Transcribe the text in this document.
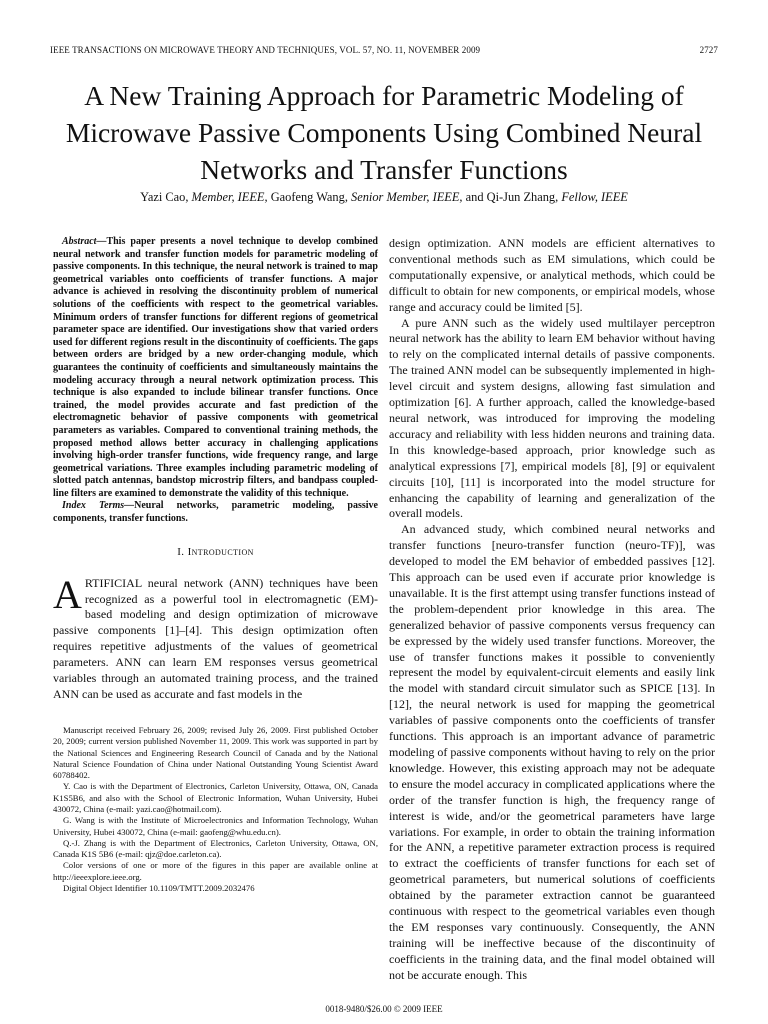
IEEE TRANSACTIONS ON MICROWAVE THEORY AND TECHNIQUES, VOL. 57, NO. 11, NOVEMBER 2009	2727
A New Training Approach for Parametric Modeling of Microwave Passive Components Using Combined Neural Networks and Transfer Functions
Yazi Cao, Member, IEEE, Gaofeng Wang, Senior Member, IEEE, and Qi-Jun Zhang, Fellow, IEEE

Abstract—This paper presents a novel technique to develop combined neural network and transfer function models for parametric modeling of passive components. In this technique, the neural network is trained to map geometrical variables onto coefficients of transfer functions. A major advance is achieved in resolving the discontinuity problem of numerical solutions of the coefficients with respect to the geometrical variables. Minimum orders of transfer functions for different regions of geometrical parameter space are identified. Our investigations show that varied orders used for different regions result in the discontinuity of coefficients. The gaps between orders are bridged by a new order-changing module, which guarantees the continuity of coefficients and simultaneously maintains the modeling accuracy through a neural network optimization process. This technique is also expanded to include bilinear transfer functions. Once trained, the model provides accurate and fast prediction of the electromagnetic behavior of passive components with geometrical parameters as variables. Compared to conventional training methods, the proposed method allows better accuracy in challenging applications involving high-order transfer functions, wide frequency range, and large geometrical variations. Three examples including parametric modeling of slotted patch antennas, bandstop microstrip filters, and bandpass coupled-line filters are examined to demonstrate the validity of this technique.

Index Terms—Neural networks, parametric modeling, passive components, transfer functions.

I. Introduction

ARTIFICIAL neural network (ANN) techniques have been recognized as a powerful tool in electromagnetic (EM)-based modeling and design optimization of microwave passive components [1]–[4]. This design optimization often requires repetitive adjustments of the values of geometrical parameters. ANN can learn EM responses versus geometrical variables through an automated training process, and the trained ANN can be used as accurate and fast models in the

Manuscript received February 26, 2009; revised July 26, 2009. First published October 20, 2009; current version published November 11, 2009. This work was supported in part by the National Sciences and Engineering Research Council of Canada and by the National Natural Science Foundation of China under National Outstanding Young Scientist Award 60788402.

Y. Cao is with the Department of Electronics, Carleton University, Ottawa, ON, Canada K1S5B6, and also with the School of Electronic Information, Wuhan University, Hubei 430072, China (e-mail: yazi.cao@hotmail.com).

G. Wang is with the Institute of Microelectronics and Information Technology, Wuhan University, Hubei 430072, China (e-mail: gaofeng@whu.edu.cn).

Q.-J. Zhang is with the Department of Electronics, Carleton University, Ottawa, ON, Canada K1S 5B6 (e-mail: qjz@doe.carleton.ca).

Color versions of one or more of the figures in this paper are available online at http://ieeexplore.ieee.org.

Digital Object Identifier 10.1109/TMTT.2009.2032476

design optimization. ANN models are efficient alternatives to conventional methods such as EM simulations, which could be computationally expensive, or analytical methods, which could be difficult to obtain for new components, or empirical models, whose range and accuracy could be limited [5].

A pure ANN such as the widely used multilayer perceptron neural network has the ability to learn EM behavior without having to rely on the complicated internal details of passive components. The trained ANN model can be subsequently implemented in high-level circuit and system designs, allowing fast simulation and optimization [6]. A further approach, called the knowledge-based neural network, was introduced for improving the modeling accuracy and reliability with less hidden neurons and training data. In this knowledge-based approach, prior knowledge such as analytical expressions [7], empirical models [8], [9] or equivalent circuits [10], [11] is incorporated into the model structure for enhancing the capability of learning and generalization of the overall models.

An advanced study, which combined neural networks and transfer functions [neuro-transfer function (neuro-TF)], was developed to model the EM behavior of embedded passives [12]. This approach can be used even if accurate prior knowledge is unavailable. It is the first attempt using transfer functions instead of the problem-dependent prior knowledge in this area. The generalized behavior of passive components versus frequency can be expressed by the widely used transfer functions. Moreover, the use of transfer functions makes it possible to conveniently represent the model by equivalent-circuit elements and easily link the model with standard circuit simulator such as SPICE [13]. In [12], the neural network is used for mapping the geometrical variables of passive components onto the coefficients of transfer functions. This approach is an important advance of parametric modeling of passive components without having to rely on the prior knowledge. However, this existing approach may not be adequate to ensure the model accuracy in complicated applications where the order of the transfer function is high, the frequency range of interest is wide, and/or the geometrical parameters have large variations. For example, in order to obtain the training information for the ANN, a repetitive parameter extraction process is required to extract the coefficients of transfer functions for each set of geometrical parameters, but numerical solutions of coefficients obtained by the parameter extraction cannot be guaranteed continuous with respect to the geometrical variables even though the EM responses vary continuously. Consequently, the ANN training will be ineffective because of the discontinuity of coefficients in the training data, and the final model obtained will not be accurate enough. This

0018-9480/$26.00 © 2009 IEEE
